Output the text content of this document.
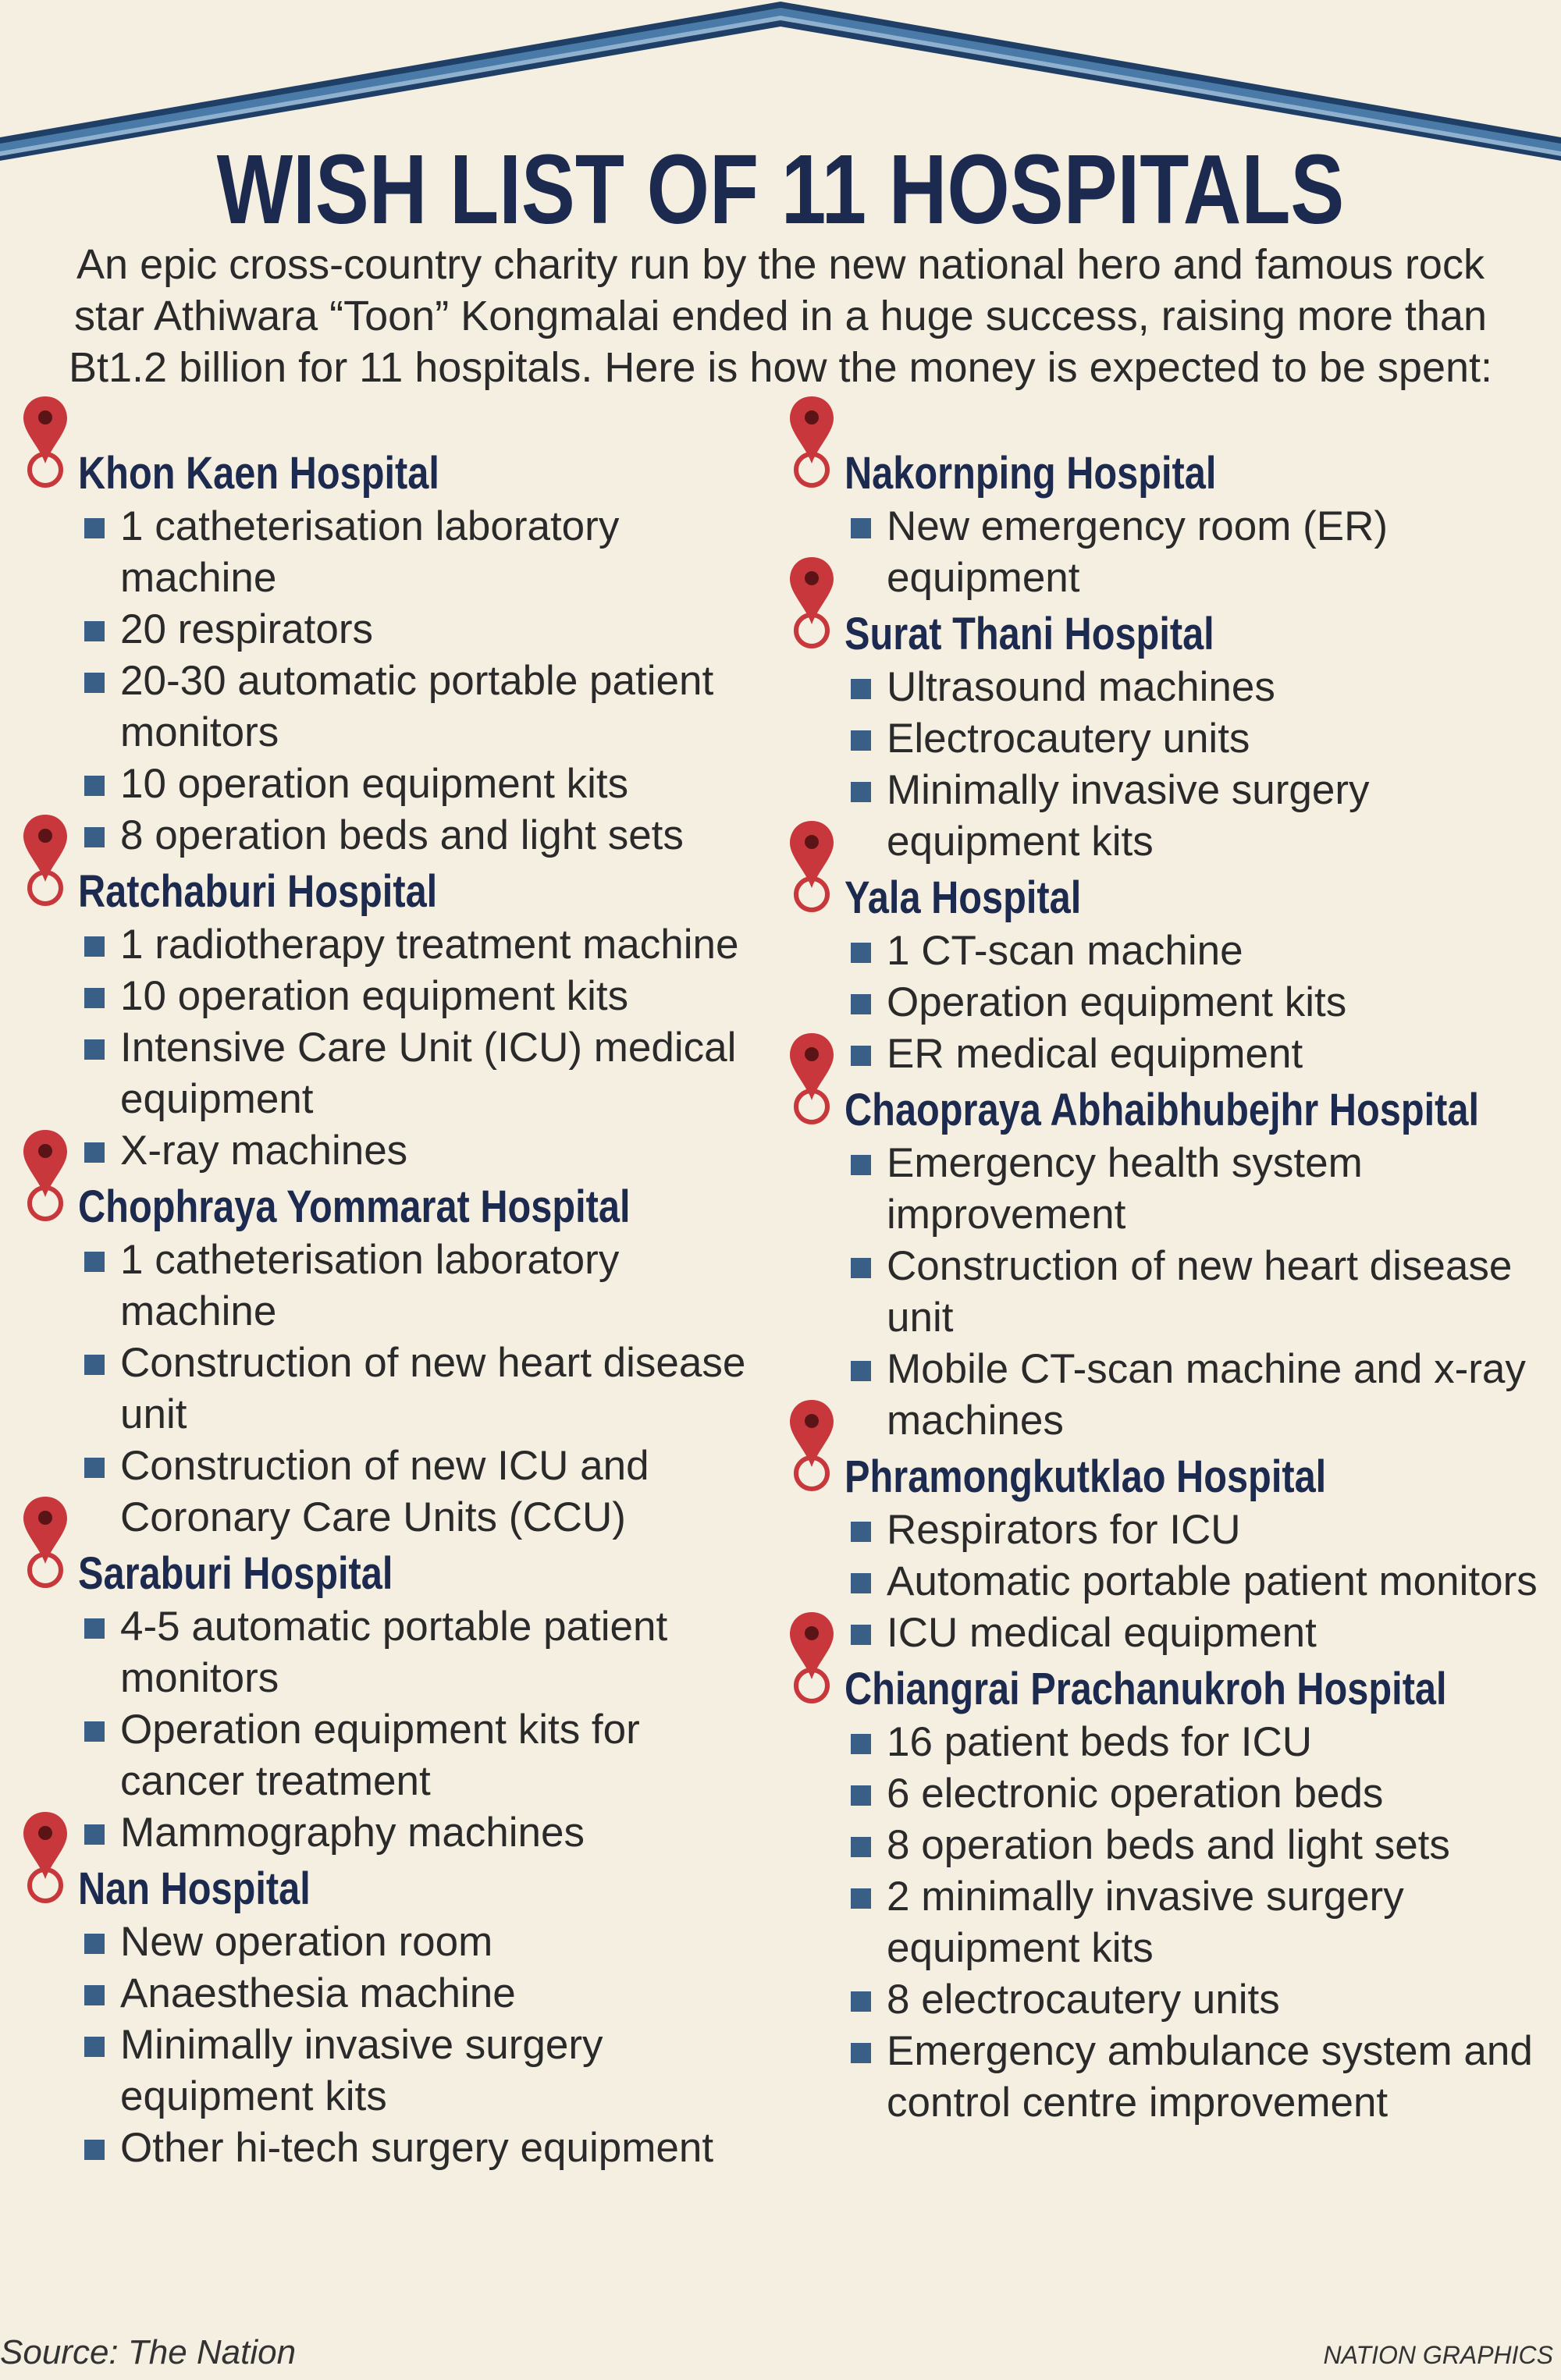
WISH LIST OF 11 HOSPITALS

An epic cross-country charity run by the new national hero and famous rock star Athiwara “Toon” Kongmalai ended in a huge success, raising more than Bt1.2 billion for 11 hospitals. Here is how the money is expected to be spent:

Khon Kaen Hospital
1 catheterisation laboratory machine
20 respirators
20-30 automatic portable patient monitors
10 operation equipment kits
8 operation beds and light sets
Ratchaburi Hospital
1 radiotherapy treatment machine
10 operation equipment kits
Intensive Care Unit (ICU) medical equipment
X-ray machines
Chophraya Yommarat Hospital
1 catheterisation laboratory machine
Construction of new heart disease unit
Construction of new ICU and Coronary Care Units (CCU)
Saraburi Hospital
4-5 automatic portable patient monitors
Operation equipment kits for cancer treatment
Mammography machines
Nan Hospital
New operation room
Anaesthesia machine
Minimally invasive surgery equipment kits
Other hi-tech surgery equipment
Nakornping Hospital
New emergency room (ER) equipment
Surat Thani Hospital
Ultrasound machines
Electrocautery units
Minimally invasive surgery equipment kits
Yala Hospital
1 CT-scan machine
Operation equipment kits
ER medical equipment
Chaopraya Abhaibhubejhr Hospital
Emergency health system improvement
Construction of new heart disease unit
Mobile CT-scan machine and x-ray machines
Phramongkutklao Hospital
Respirators for ICU
Automatic portable patient monitors
ICU medical equipment
Chiangrai Prachanukroh Hospital
16 patient beds for ICU
6 electronic operation beds
8 operation beds and light sets
2 minimally invasive surgery equipment kits
8 electrocautery units
Emergency ambulance system and control centre improvement

Source: The Nation	NATION GRAPHICS
